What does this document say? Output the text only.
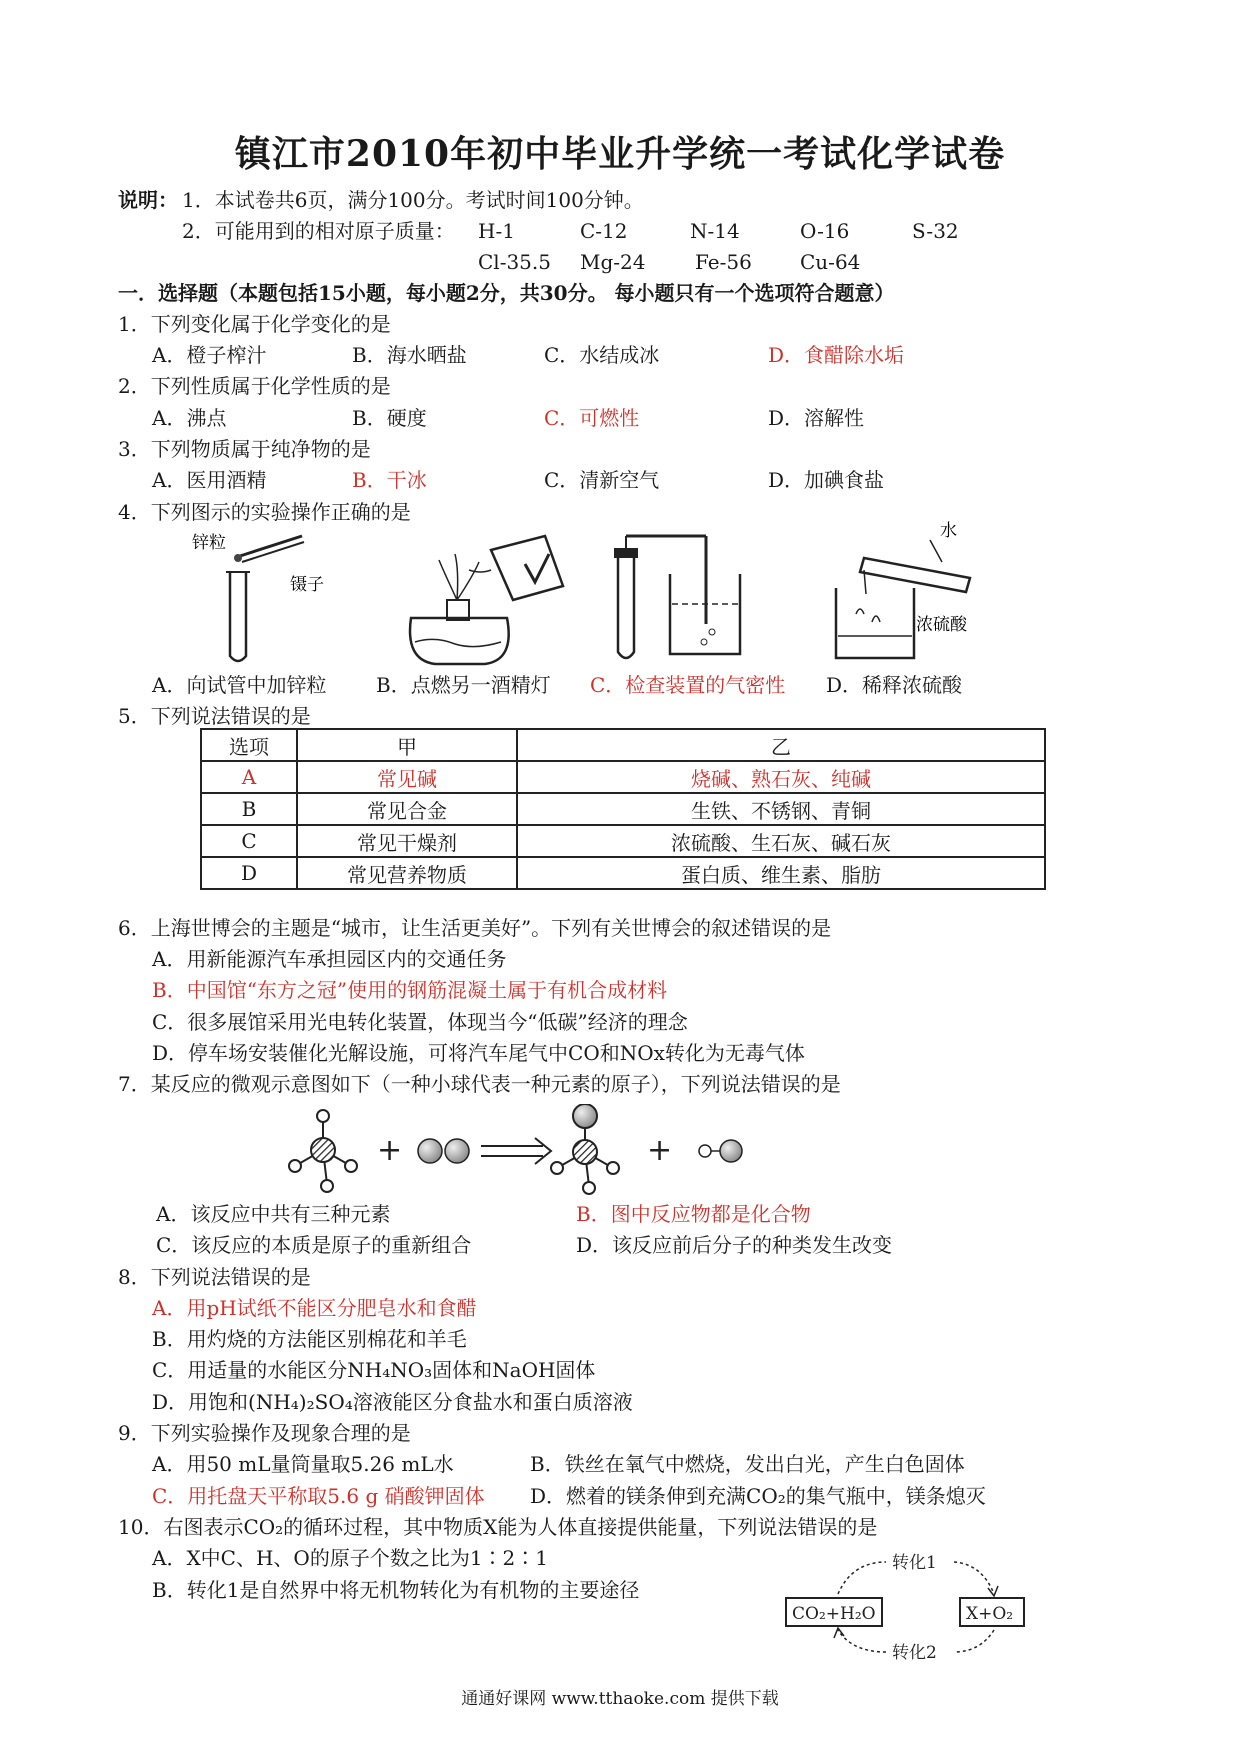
镇江市2010年初中毕业升学统一考试化学试卷
说明： 1．本试卷共6页，满分100分。考试时间100分钟。
2．可能用到的相对原子质量： H-1	C-12	N-14	O-16	S-32
Cl-35.5 Mg-24 Fe-56 Cu-64
一．选择题（本题包括15小题，每小题2分，共30分。 每小题只有一个选项符合题意）
1．下列变化属于化学变化的是
A．橙子榨汁	B．海水晒盐	C．水结成冰	D．食醋除水垢
2．下列性质属于化学性质的是
A．沸点	B．硬度	C．可燃性	D．溶解性
3．下列物质属于纯净物的是
A．医用酒精	B．干冰	C．清新空气	D．加碘食盐
4．下列图示的实验操作正确的是
锌粒
镊子
水
浓硫酸
A．向试管中加锌粒 B．点燃另一酒精灯 C．检查装置的气密性 D．稀释浓硫酸
5．下列说法错误的是
选项	甲	乙
A	常见碱	烧碱、熟石灰、纯碱
B	常见合金	生铁、不锈钢、青铜
C	常见干燥剂	浓硫酸、生石灰、碱石灰
D	常见营养物质	蛋白质、维生素、脂肪
6．上海世博会的主题是“城市，让生活更美好”。下列有关世博会的叙述错误的是
A．用新能源汽车承担园区内的交通任务
B．中国馆“东方之冠”使用的钢筋混凝土属于有机合成材料
C．很多展馆采用光电转化装置，体现当今“低碳”经济的理念
D．停车场安装催化光解设施，可将汽车尾气中CO和NOx转化为无毒气体
7．某反应的微观示意图如下（一种小球代表一种元素的原子），下列说法错误的是
+	+
A．该反应中共有三种元素	B．图中反应物都是化合物
C．该反应的本质是原子的重新组合	D．该反应前后分子的种类发生改变
8．下列说法错误的是
A．用pH试纸不能区分肥皂水和食醋
B．用灼烧的方法能区别棉花和羊毛
C．用适量的水能区分NH₄NO₃固体和NaOH固体
D．用饱和(NH₄)₂SO₄溶液能区分食盐水和蛋白质溶液
9．下列实验操作及现象合理的是
A．用50 mL量筒量取5.26 mL水	B．铁丝在氧气中燃烧，发出白光，产生白色固体
C．用托盘天平称取5.6 g 硝酸钾固体 D．燃着的镁条伸到充满CO₂的集气瓶中，镁条熄灭
10．右图表示CO₂的循环过程，其中物质X能为人体直接提供能量，下列说法错误的是
A．X中C、H、O的原子个数之比为1∶2∶1
B．转化1是自然界中将无机物转化为有机物的主要途径
转化1
转化2
CO₂+H₂O	X+O₂
通通好课网 www.tthaoke.com 提供下载
